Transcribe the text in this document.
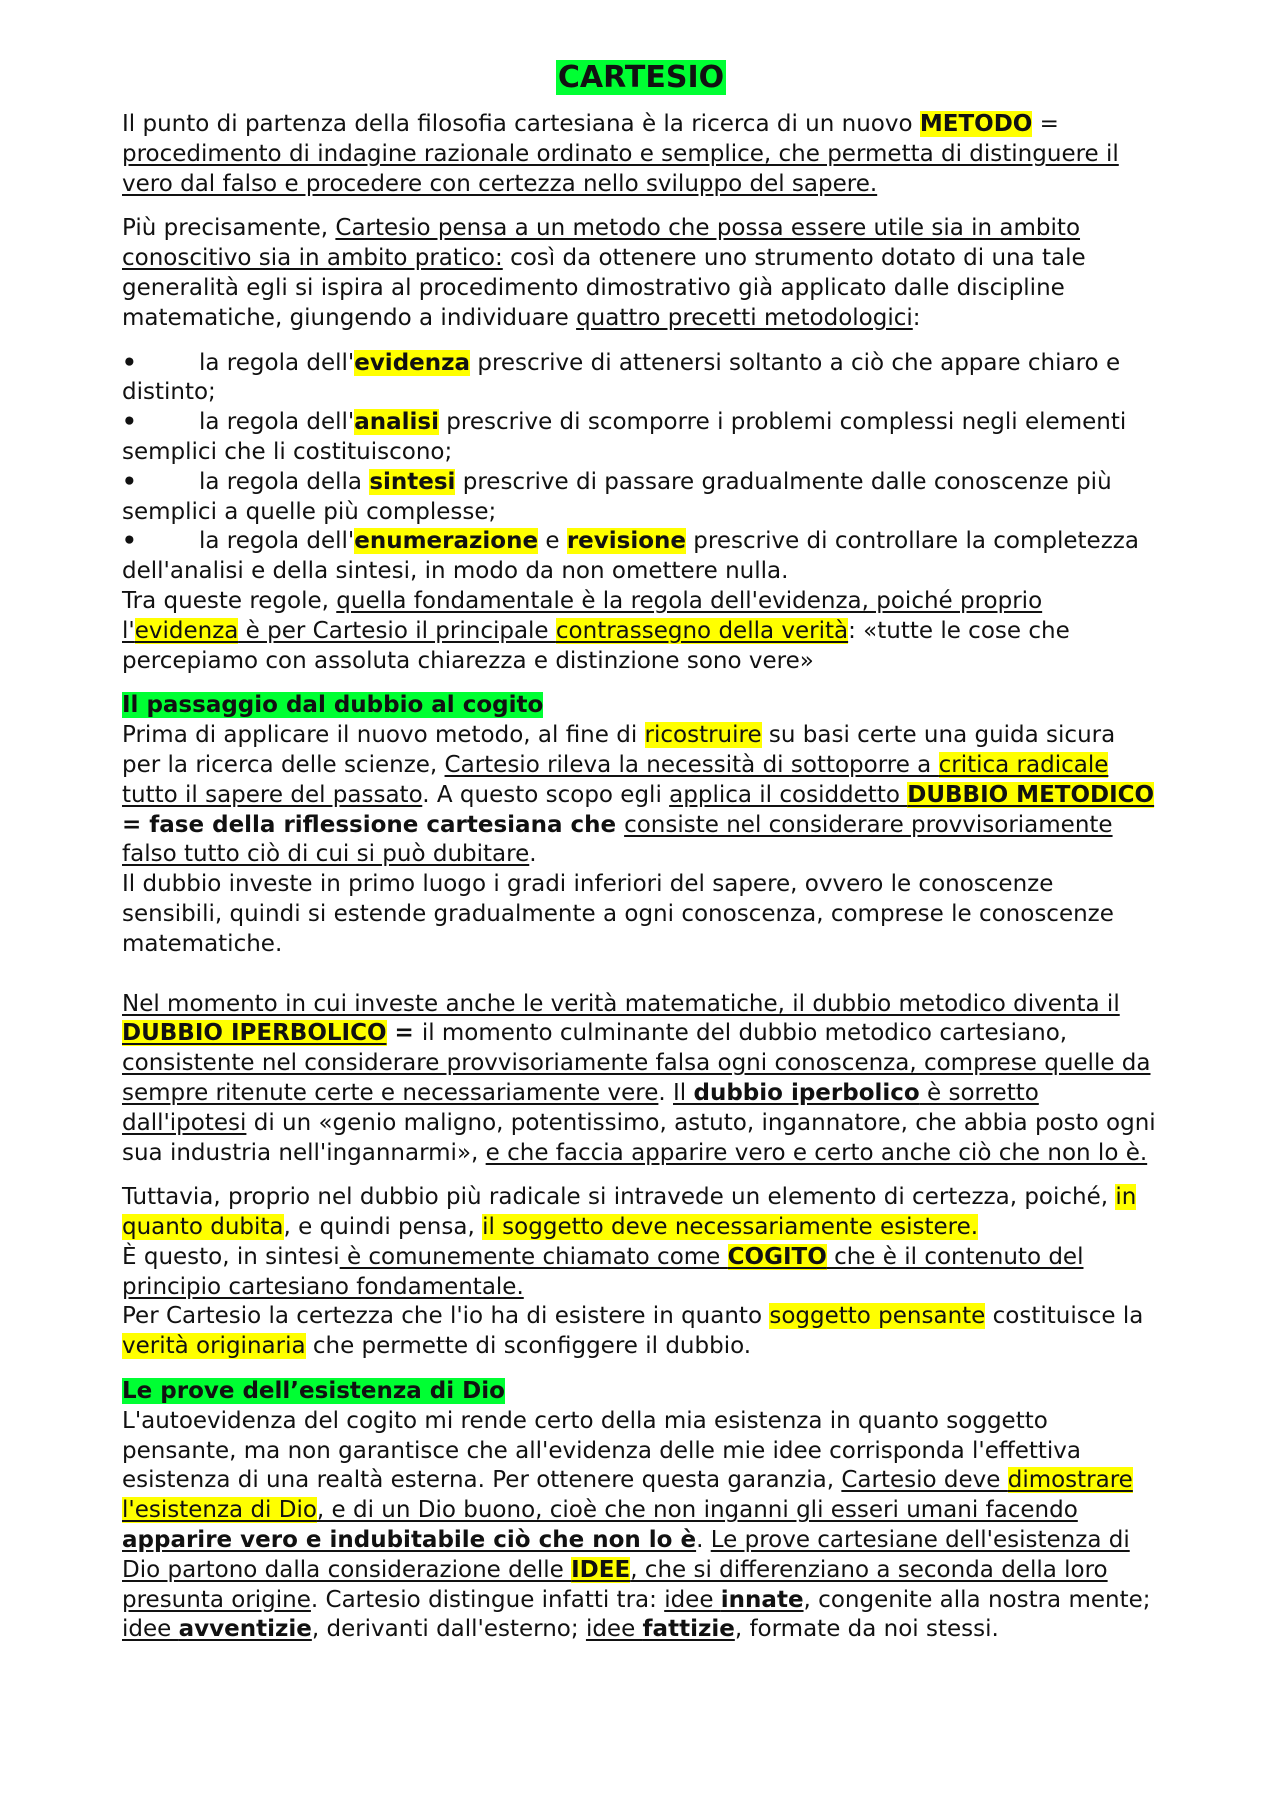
CARTESIO

Il punto di partenza della filosofia cartesiana è la ricerca di un nuovo METODO = procedimento di indagine razionale ordinato e semplice, che permetta di distinguere il vero dal falso e procedere con certezza nello sviluppo del sapere.

Più precisamente, Cartesio pensa a un metodo che possa essere utile sia in ambito conoscitivo sia in ambito pratico: così da ottenere uno strumento dotato di una tale generalità egli si ispira al procedimento dimostrativo già applicato dalle discipline matematiche, giungendo a individuare quattro precetti metodologici:

•	la regola dell'evidenza prescrive di attenersi soltanto a ciò che appare chiaro e distinto;
•	la regola dell'analisi prescrive di scomporre i problemi complessi negli elementi semplici che li costituiscono;
•	la regola della sintesi prescrive di passare gradualmente dalle conoscenze più semplici a quelle più complesse;
•	la regola dell'enumerazione e revisione prescrive di controllare la completezza dell'analisi e della sintesi, in modo da non omettere nulla.

Tra queste regole, quella fondamentale è la regola dell'evidenza, poiché proprio l'evidenza è per Cartesio il principale contrassegno della verità: «tutte le cose che percepiamo con assoluta chiarezza e distinzione sono vere»

Il passaggio dal dubbio al cogito

Prima di applicare il nuovo metodo, al fine di ricostruire su basi certe una guida sicura per la ricerca delle scienze, Cartesio rileva la necessità di sottoporre a critica radicale tutto il sapere del passato. A questo scopo egli applica il cosiddetto DUBBIO METODICO = fase della riflessione cartesiana che consiste nel considerare provvisoriamente falso tutto ciò di cui si può dubitare.

Il dubbio investe in primo luogo i gradi inferiori del sapere, ovvero le conoscenze sensibili, quindi si estende gradualmente a ogni conoscenza, comprese le conoscenze matematiche.

Nel momento in cui investe anche le verità matematiche, il dubbio metodico diventa il DUBBIO IPERBOLICO = il momento culminante del dubbio metodico cartesiano, consistente nel considerare provvisoriamente falsa ogni conoscenza, comprese quelle da sempre ritenute certe e necessariamente vere. Il dubbio iperbolico è sorretto dall'ipotesi di un «genio maligno, potentissimo, astuto, ingannatore, che abbia posto ogni sua industria nell'ingannarmi», e che faccia apparire vero e certo anche ciò che non lo è.

Tuttavia, proprio nel dubbio più radicale si intravede un elemento di certezza, poiché, in quanto dubita, e quindi pensa, il soggetto deve necessariamente esistere.
È questo, in sintesi è comunemente chiamato come COGITO che è il contenuto del principio cartesiano fondamentale.
Per Cartesio la certezza che l'io ha di esistere in quanto soggetto pensante costituisce la verità originaria che permette di sconfiggere il dubbio.

Le prove dell’esistenza di Dio

L'autoevidenza del cogito mi rende certo della mia esistenza in quanto soggetto pensante, ma non garantisce che all'evidenza delle mie idee corrisponda l'effettiva esistenza di una realtà esterna. Per ottenere questa garanzia, Cartesio deve dimostrare l'esistenza di Dio, e di un Dio buono, cioè che non inganni gli esseri umani facendo apparire vero e indubitabile ciò che non lo è. Le prove cartesiane dell'esistenza di Dio partono dalla considerazione delle IDEE, che si differenziano a seconda della loro presunta origine. Cartesio distingue infatti tra: idee innate, congenite alla nostra mente; idee avventizie, derivanti dall'esterno; idee fattizie, formate da noi stessi.
